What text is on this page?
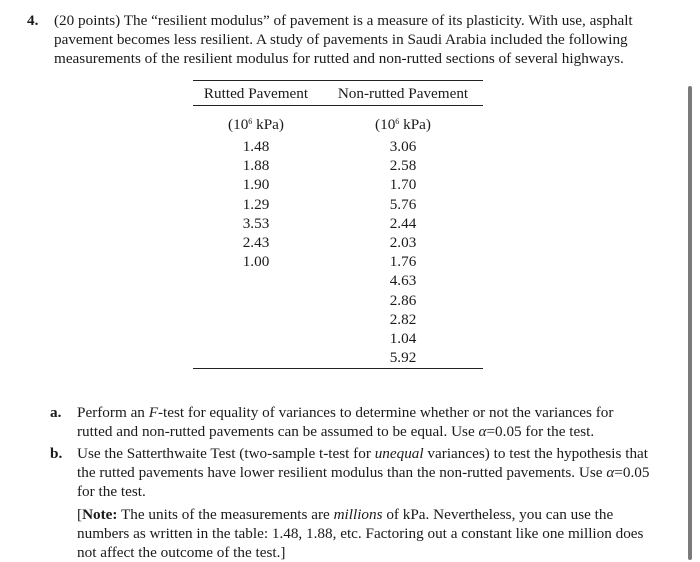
4. (20 points) The “resilient modulus” of pavement is a measure of its plasticity. With use, asphalt pavement becomes less resilient. A study of pavements in Saudi Arabia included the following measurements of the resilient modulus for rutted and non-rutted sections of several highways.
Rutted Pavement
($10^6$ kPa)
1.48
1.88
1.90
1.29
3.53
2.43
1.00
Non-rutted Pavement
($10^6$ kPa)
3.06
2.58
1.70
5.76
2.44
2.03
1.76
4.63
2.86
2.82
1.04
5.92
a. Perform an F-test for equality of variances to determine whether or not the variances for rutted and non-rutted pavements can be assumed to be equal. Use α=0.05 for the test.
b. Use the Satterthwaite Test (two-sample t-test for unequal variances) to test the hypothesis that the rutted pavements have lower resilient modulus than the non-rutted pavements. Use α=0.05 for the test.
[Note: The units of the measurements are millions of kPa. Nevertheless, you can use the numbers as written in the table: 1.48, 1.88, etc. Factoring out a constant like one million does not affect the outcome of the test.]
